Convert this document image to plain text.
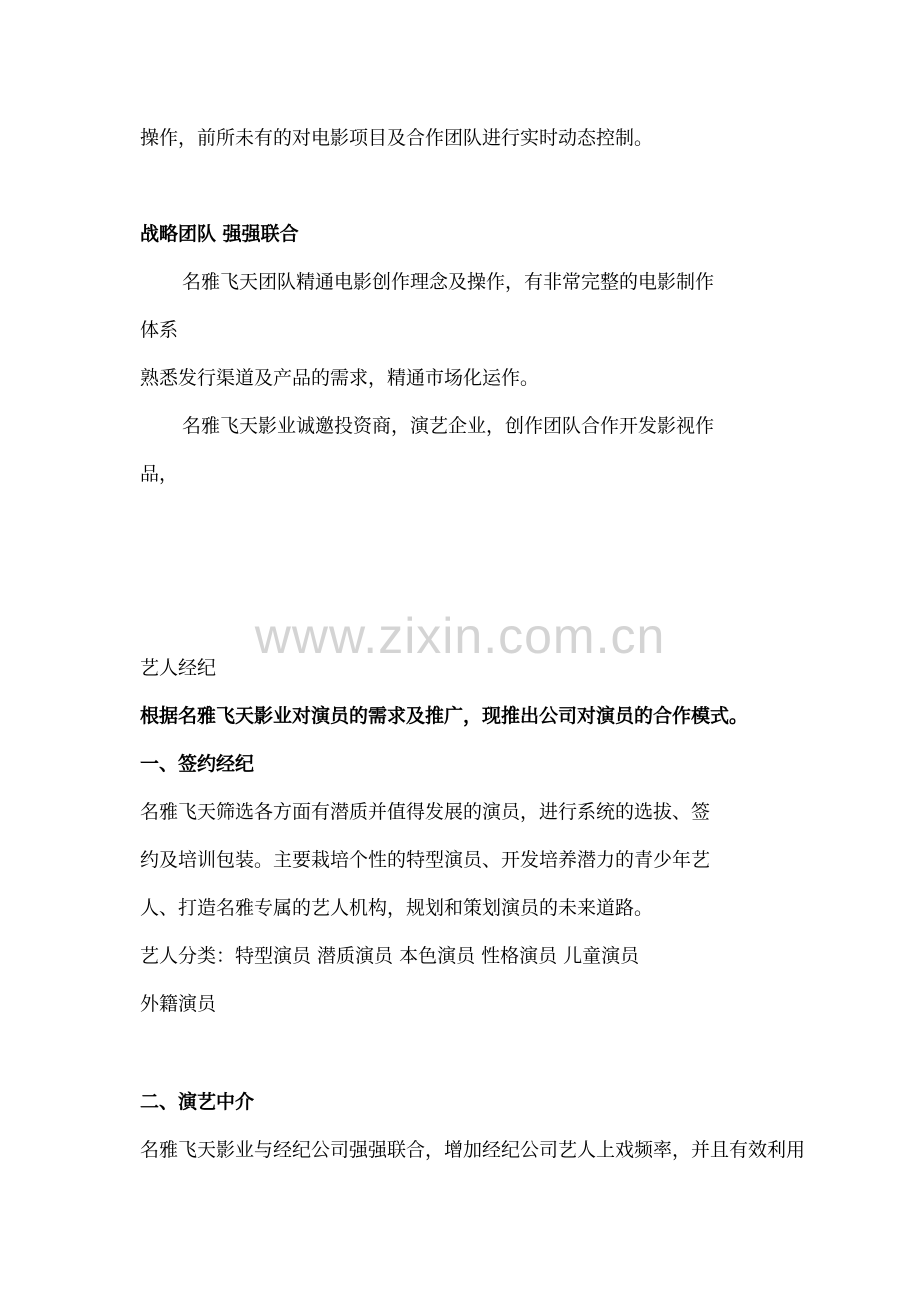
操作，前所未有的对电影项目及合作团队进行实时动态控制。
战略团队 强强联合
名雅飞天团队精通电影创作理念及操作，有非常完整的电影制作
体系
熟悉发行渠道及产品的需求，精通市场化运作。
名雅飞天影业诚邀投资商，演艺企业，创作团队合作开发影视作
品，
www.zixin.com.cn
艺人经纪
根据名雅飞天影业对演员的需求及推广，现推出公司对演员的合作模式。
一、签约经纪
名雅飞天筛选各方面有潜质并值得发展的演员，进行系统的选拔、签
约及培训包装。主要栽培个性的特型演员、开发培养潜力的青少年艺
人、打造名雅专属的艺人机构，规划和策划演员的未来道路。
艺人分类：特型演员 潜质演员 本色演员 性格演员 儿童演员
外籍演员
二、演艺中介
名雅飞天影业与经纪公司强强联合，增加经纪公司艺人上戏频率，并且有效利用
